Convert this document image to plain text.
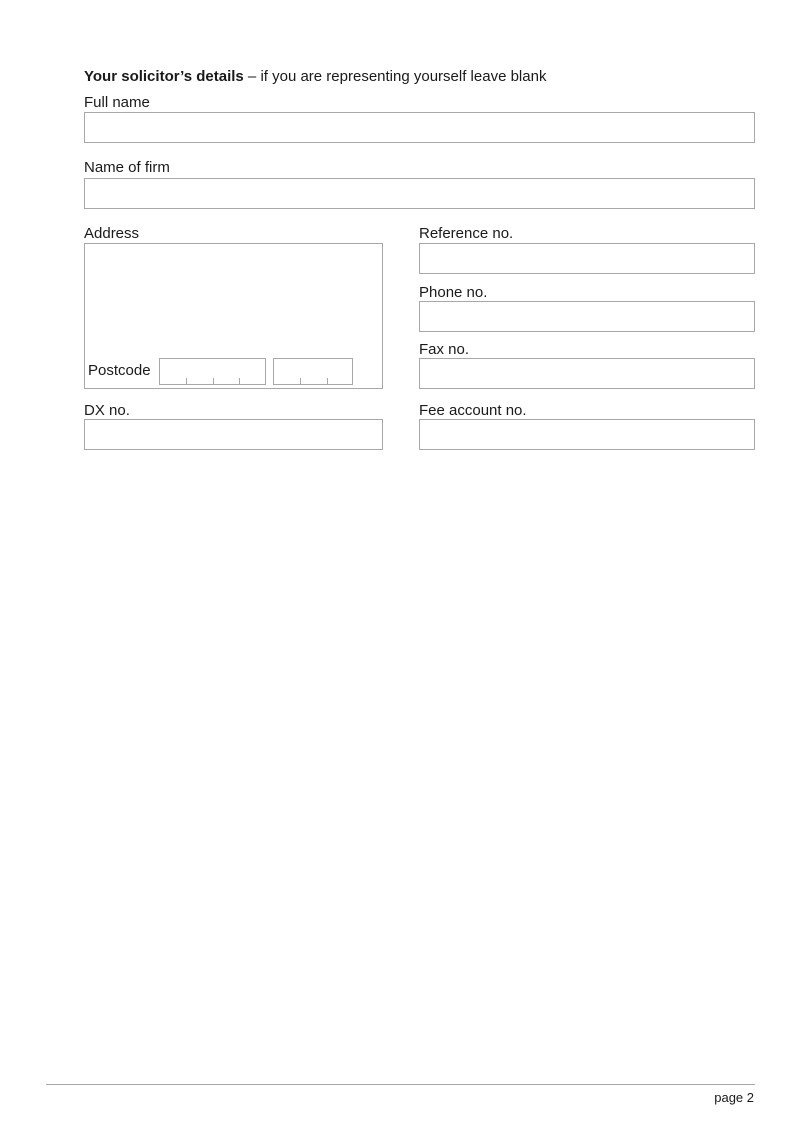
Your solicitor’s details – if you are representing yourself leave blank
Full name
Name of firm
Address
Postcode
Reference no.
Phone no.
Fax no.
DX no.	Fee account no.
page 2
